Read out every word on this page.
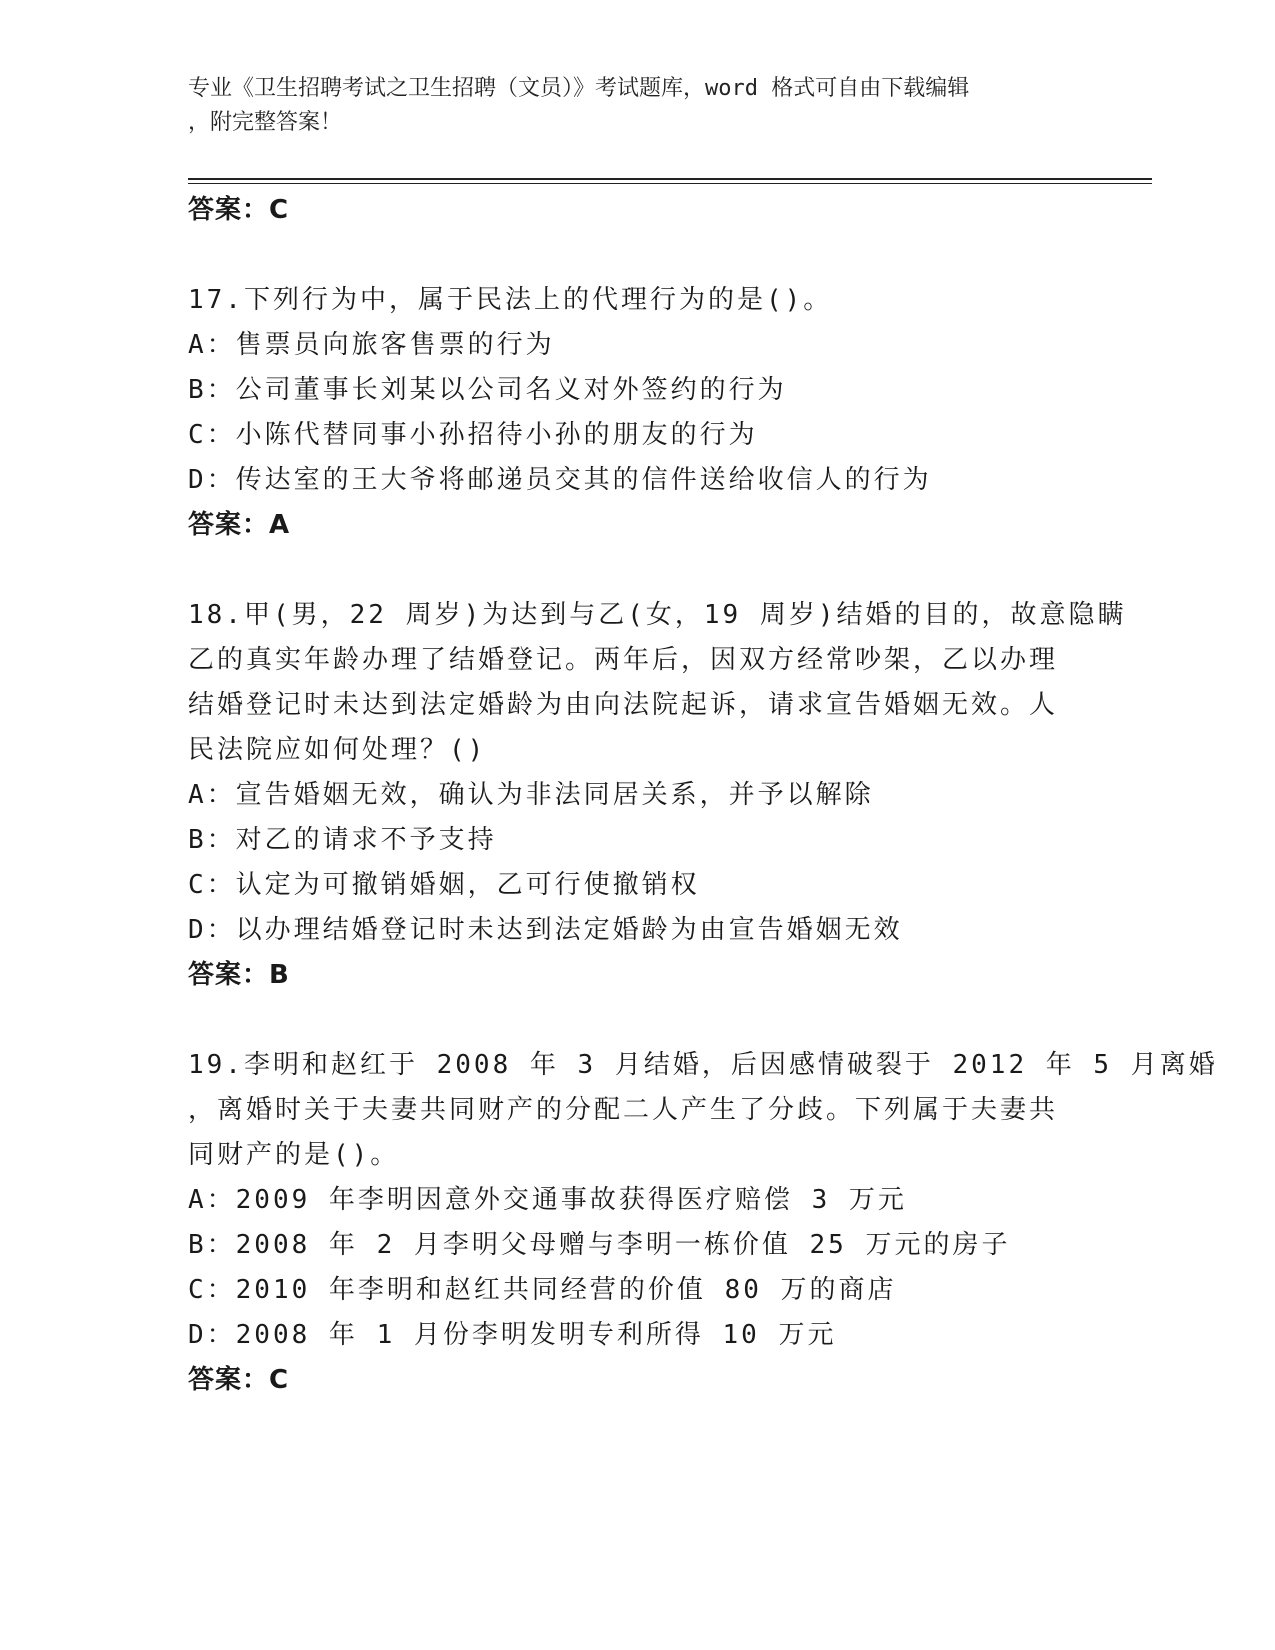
专业《卫生招聘考试之卫生招聘（文员）》考试题库，word 格式可自由下载编辑

，附完整答案！

答案：C
17.下列行为中，属于民法上的代理行为的是()。
A：售票员向旅客售票的行为
B：公司董事长刘某以公司名义对外签约的行为
C：小陈代替同事小孙招待小孙的朋友的行为
D：传达室的王大爷将邮递员交其的信件送给收信人的行为
答案：A
18.甲(男，22 周岁)为达到与乙(女，19 周岁)结婚的目的，故意隐瞒
乙的真实年龄办理了结婚登记。两年后，因双方经常吵架，乙以办理
结婚登记时未达到法定婚龄为由向法院起诉，请求宣告婚姻无效。人
民法院应如何处理？()
A：宣告婚姻无效，确认为非法同居关系，并予以解除
B：对乙的请求不予支持
C：认定为可撤销婚姻，乙可行使撤销权
D：以办理结婚登记时未达到法定婚龄为由宣告婚姻无效
答案：B
19.李明和赵红于 2008 年 3 月结婚，后因感情破裂于 2012 年 5 月离婚
，离婚时关于夫妻共同财产的分配二人产生了分歧。下列属于夫妻共
同财产的是()。
A：2009 年李明因意外交通事故获得医疗赔偿 3 万元
B：2008 年 2 月李明父母赠与李明一栋价值 25 万元的房子
C：2010 年李明和赵红共同经营的价值 80 万的商店
D：2008 年 1 月份李明发明专利所得 10 万元
答案：C
